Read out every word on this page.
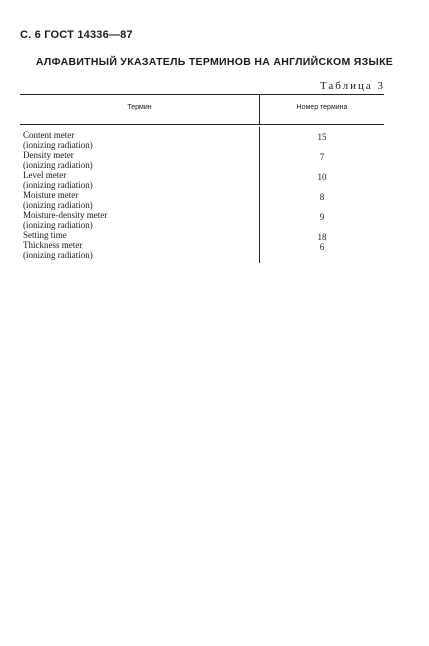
С. 6 ГОСТ 14336—87
АЛФАВИТНЫЙ УКАЗАТЕЛЬ ТЕРМИНОВ НА АНГЛИЙСКОМ ЯЗЫКЕ
Таблица 3
Термин	Номер термина
Content meter
(ionizing radiation)
15
Density meter
(ionizing radiation)
7
Level meter
(ionizing radiation)
10
Moisture meter
(ionizing radiation)
8
Moisture-density meter
(ionizing radiation)
9
Setting time	18
Thickness meter
(ionizing radiation)
6
